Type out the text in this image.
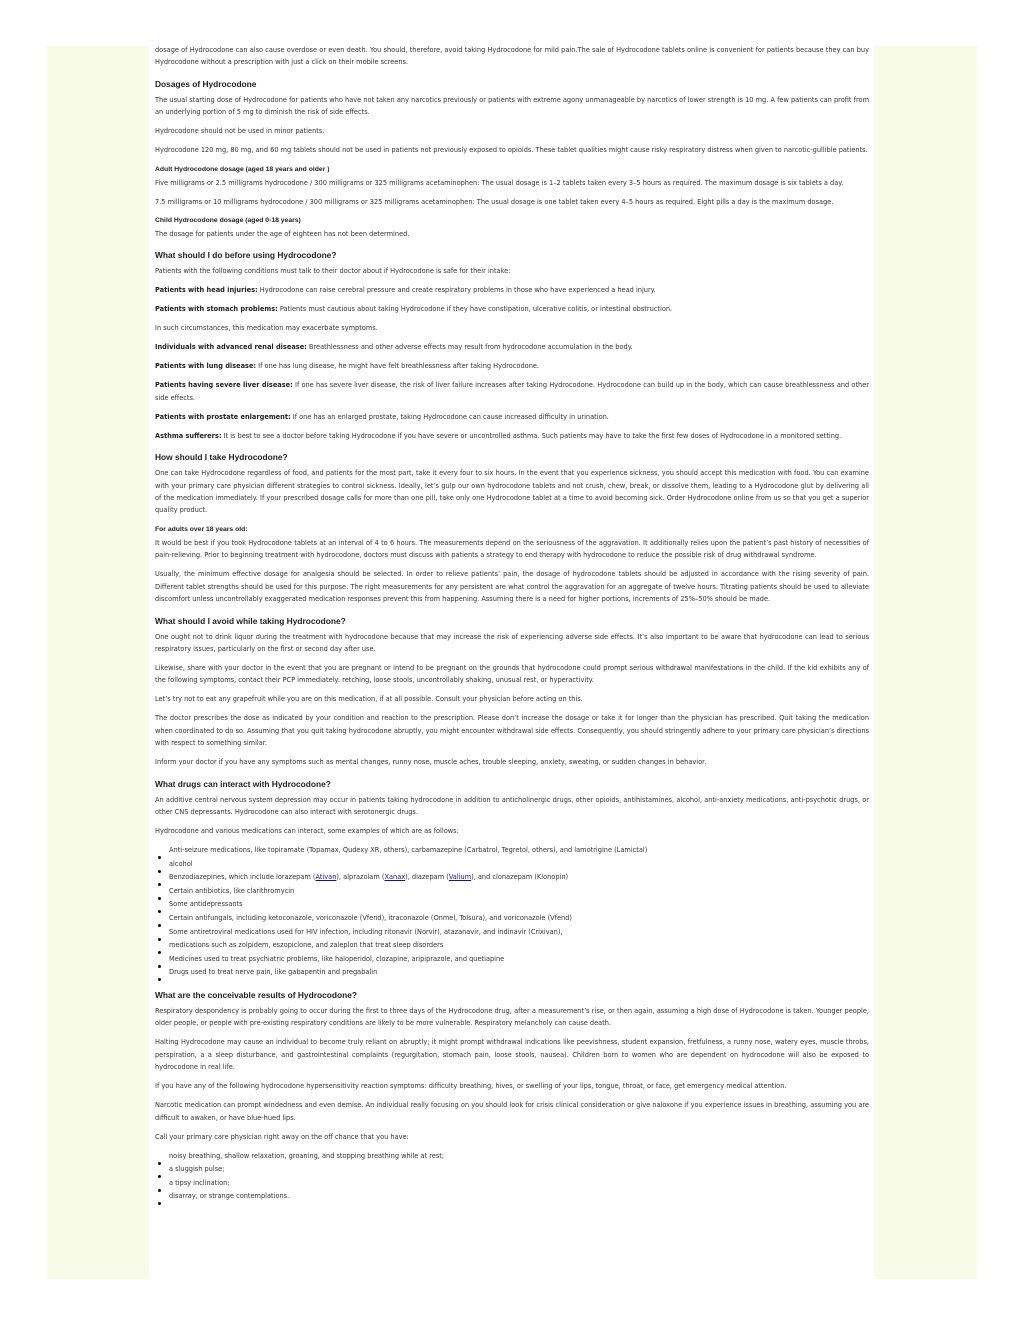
dosage of Hydrocodone can also cause overdose or even death. You should, therefore, avoid taking Hydrocodone for mild pain.The sale of Hydrocodone tablets online is convenient for patients because they can buy Hydrocodone without a prescription with just a click on their mobile screens.

Dosages of Hydrocodone

The usual starting dose of Hydrocodone for patients who have not taken any narcotics previously or patients with extreme agony unmanageable by narcotics of lower strength is 10 mg. A few patients can profit from an underlying portion of 5 mg to diminish the risk of side effects.

Hydrocodone should not be used in minor patients.

Hydrocodone 120 mg, 80 mg, and 60 mg tablets should not be used in patients not previously exposed to opioids. These tablet qualities might cause risky respiratory distress when given to narcotic-gullible patients.

Adult Hydrocodone dosage (aged 18 years and older )

Five milligrams or 2.5 milligrams hydrocodone / 300 milligrams or 325 milligrams acetaminophen: The usual dosage is 1–2 tablets taken every 3–5 hours as required. The maximum dosage is six tablets a day.

7.5 milligrams or 10 milligrams hydrocodone / 300 milligrams or 325 milligrams acetaminophen: The usual dosage is one tablet taken every 4–5 hours as required. Eight pills a day is the maximum dosage.

Child Hydrocodone dosage (aged 0-18 years)

The dosage for patients under the age of eighteen has not been determined.

What should I do before using Hydrocodone?

Patients with the following conditions must talk to their doctor about if Hydrocodone is safe for their intake:

Patients with head injuries: Hydrocodone can raise cerebral pressure and create respiratory problems in those who have experienced a head injury.

Patients with stomach problems: Patients must cautious about taking Hydrocodone if they have constipation, ulcerative colitis, or intestinal obstruction.

In such circumstances, this medication may exacerbate symptoms.

Individuals with advanced renal disease: Breathlessness and other adverse effects may result from hydrocodone accumulation in the body.

Patients with lung disease: If one has lung disease, he might have felt breathlessness after taking Hydrocodone.

Patients having severe liver disease: If one has severe liver disease, the risk of liver failure increases after taking Hydrocodone. Hydrocodone can build up in the body, which can cause breathlessness and other side effects.

Patients with prostate enlargement: If one has an enlarged prostate, taking Hydrocodone can cause increased difficulty in urination.

Asthma sufferers: It is best to see a doctor before taking Hydrocodone if you have severe or uncontrolled asthma. Such patients may have to take the first few doses of Hydrocodone in a monitored setting.

How should I take Hydrocodone?

One can take Hydrocodone regardless of food, and patients for the most part, take it every four to six hours. In the event that you experience sickness, you should accept this medication with food. You can examine with your primary care physician different strategies to control sickness. Ideally, let’s gulp our own hydrocodone tablets and not crush, chew, break, or dissolve them, leading to a Hydrocodone glut by delivering all of the medication immediately. If your prescribed dosage calls for more than one pill, take only one Hydrocodone tablet at a time to avoid becoming sick. Order Hydrocodone online from us so that you get a superior quality product.

For adults over 18 years old:

It would be best if you took Hydrocodone tablets at an interval of 4 to 6 hours. The measurements depend on the seriousness of the aggravation. It additionally relies upon the patient’s past history of necessities of pain-relieving. Prior to beginning treatment with hydrocodone, doctors must discuss with patients a strategy to end therapy with hydrocodone to reduce the possible risk of drug withdrawal syndrome.

Usually, the minimum effective dosage for analgesia should be selected. In order to relieve patients’ pain, the dosage of hydrocodone tablets should be adjusted in accordance with the rising severity of pain. Different tablet strengths should be used for this purpose. The right measurements for any persistent are what control the aggravation for an aggregate of twelve hours. Titrating patients should be used to alleviate discomfort unless uncontrollably exaggerated medication responses prevent this from happening. Assuming there is a need for higher portions, increments of 25%–50% should be made.

What should I avoid while taking Hydrocodone?

One ought not to drink liquor during the treatment with hydrocodone because that may increase the risk of experiencing adverse side effects. It’s also important to be aware that hydrocodone can lead to serious respiratory issues, particularly on the first or second day after use.

Likewise, share with your doctor in the event that you are pregnant or intend to be pregnant on the grounds that hydrocodone could prompt serious withdrawal manifestations in the child. If the kid exhibits any of the following symptoms, contact their PCP immediately: retching, loose stools, uncontrollably shaking, unusual rest, or hyperactivity.

Let’s try not to eat any grapefruit while you are on this medication, if at all possible. Consult your physician before acting on this.

The doctor prescribes the dose as indicated by your condition and reaction to the prescription. Please don’t increase the dosage or take it for longer than the physician has prescribed. Quit taking the medication when coordinated to do so. Assuming that you quit taking hydrocodone abruptly, you might encounter withdrawal side effects. Consequently, you should stringently adhere to your primary care physician’s directions with respect to something similar.

Inform your doctor if you have any symptoms such as mental changes, runny nose, muscle aches, trouble sleeping, anxiety, sweating, or sudden changes in behavior.

What drugs can interact with Hydrocodone?

An additive central nervous system depression may occur in patients taking hydrocodone in addition to anticholinergic drugs, other opioids, antihistamines, alcohol, anti-anxiety medications, anti-psychotic drugs, or other CNS depressants. Hydrocodone can also interact with serotonergic drugs.

Hydrocodone and various medications can interact, some examples of which are as follows:

Anti-seizure medications, like topiramate (Topamax, Qudexy XR, others), carbamazepine (Carbatrol, Tegretol, others), and lamotrigine (Lamictal)
alcohol
Benzodiazepines, which include lorazepam (Ativan), alprazolam (Xanax), diazepam (Valium), and clonazepam (Klonopin)
Certain antibiotics, like clarithromycin
Some antidepressants
Certain antifungals, including ketoconazole, voriconazole (Vfend), itraconazole (Onmel, Tolsura), and voriconazole (Vfend)
Some antiretroviral medications used for HIV infection, including ritonavir (Norvir), atazanavir, and indinavir (Crixivan),
medications such as zolpidem, eszopiclone, and zaleplon that treat sleep disorders
Medicines used to treat psychiatric problems, like haloperidol, clozapine, aripiprazole, and quetiapine
Drugs used to treat nerve pain, like gabapentin and pregabalin
What are the conceivable results of Hydrocodone?

Respiratory despondency is probably going to occur during the first to three days of the Hydrocodone drug, after a measurement’s rise, or then again, assuming a high dose of Hydrocodone is taken. Younger people, older people, or people with pre-existing respiratory conditions are likely to be more vulnerable. Respiratory melancholy can cause death.

Halting Hydrocodone may cause an individual to become truly reliant on abruptly; it might prompt withdrawal indications like peevishness, student expansion, fretfulness, a runny nose, watery eyes, muscle throbs, perspiration, a a sleep disturbance, and gastrointestinal complaints (regurgitation, stomach pain, loose stools, nausea). Children born to women who are dependent on hydrocodone will also be exposed to hydrocodone in real life.

If you have any of the following hydrocodone hypersensitivity reaction symptoms: difficulty breathing, hives, or swelling of your lips, tongue, throat, or face, get emergency medical attention.

Narcotic medication can prompt windedness and even demise. An individual really focusing on you should look for crisis clinical consideration or give naloxone if you experience issues in breathing, assuming you are difficult to awaken, or have blue-hued lips.

Call your primary care physician right away on the off chance that you have:

noisy breathing, shallow relaxation, groaning, and stopping breathing while at rest;
a sluggish pulse;
a tipsy inclination;
disarray, or strange contemplations.
